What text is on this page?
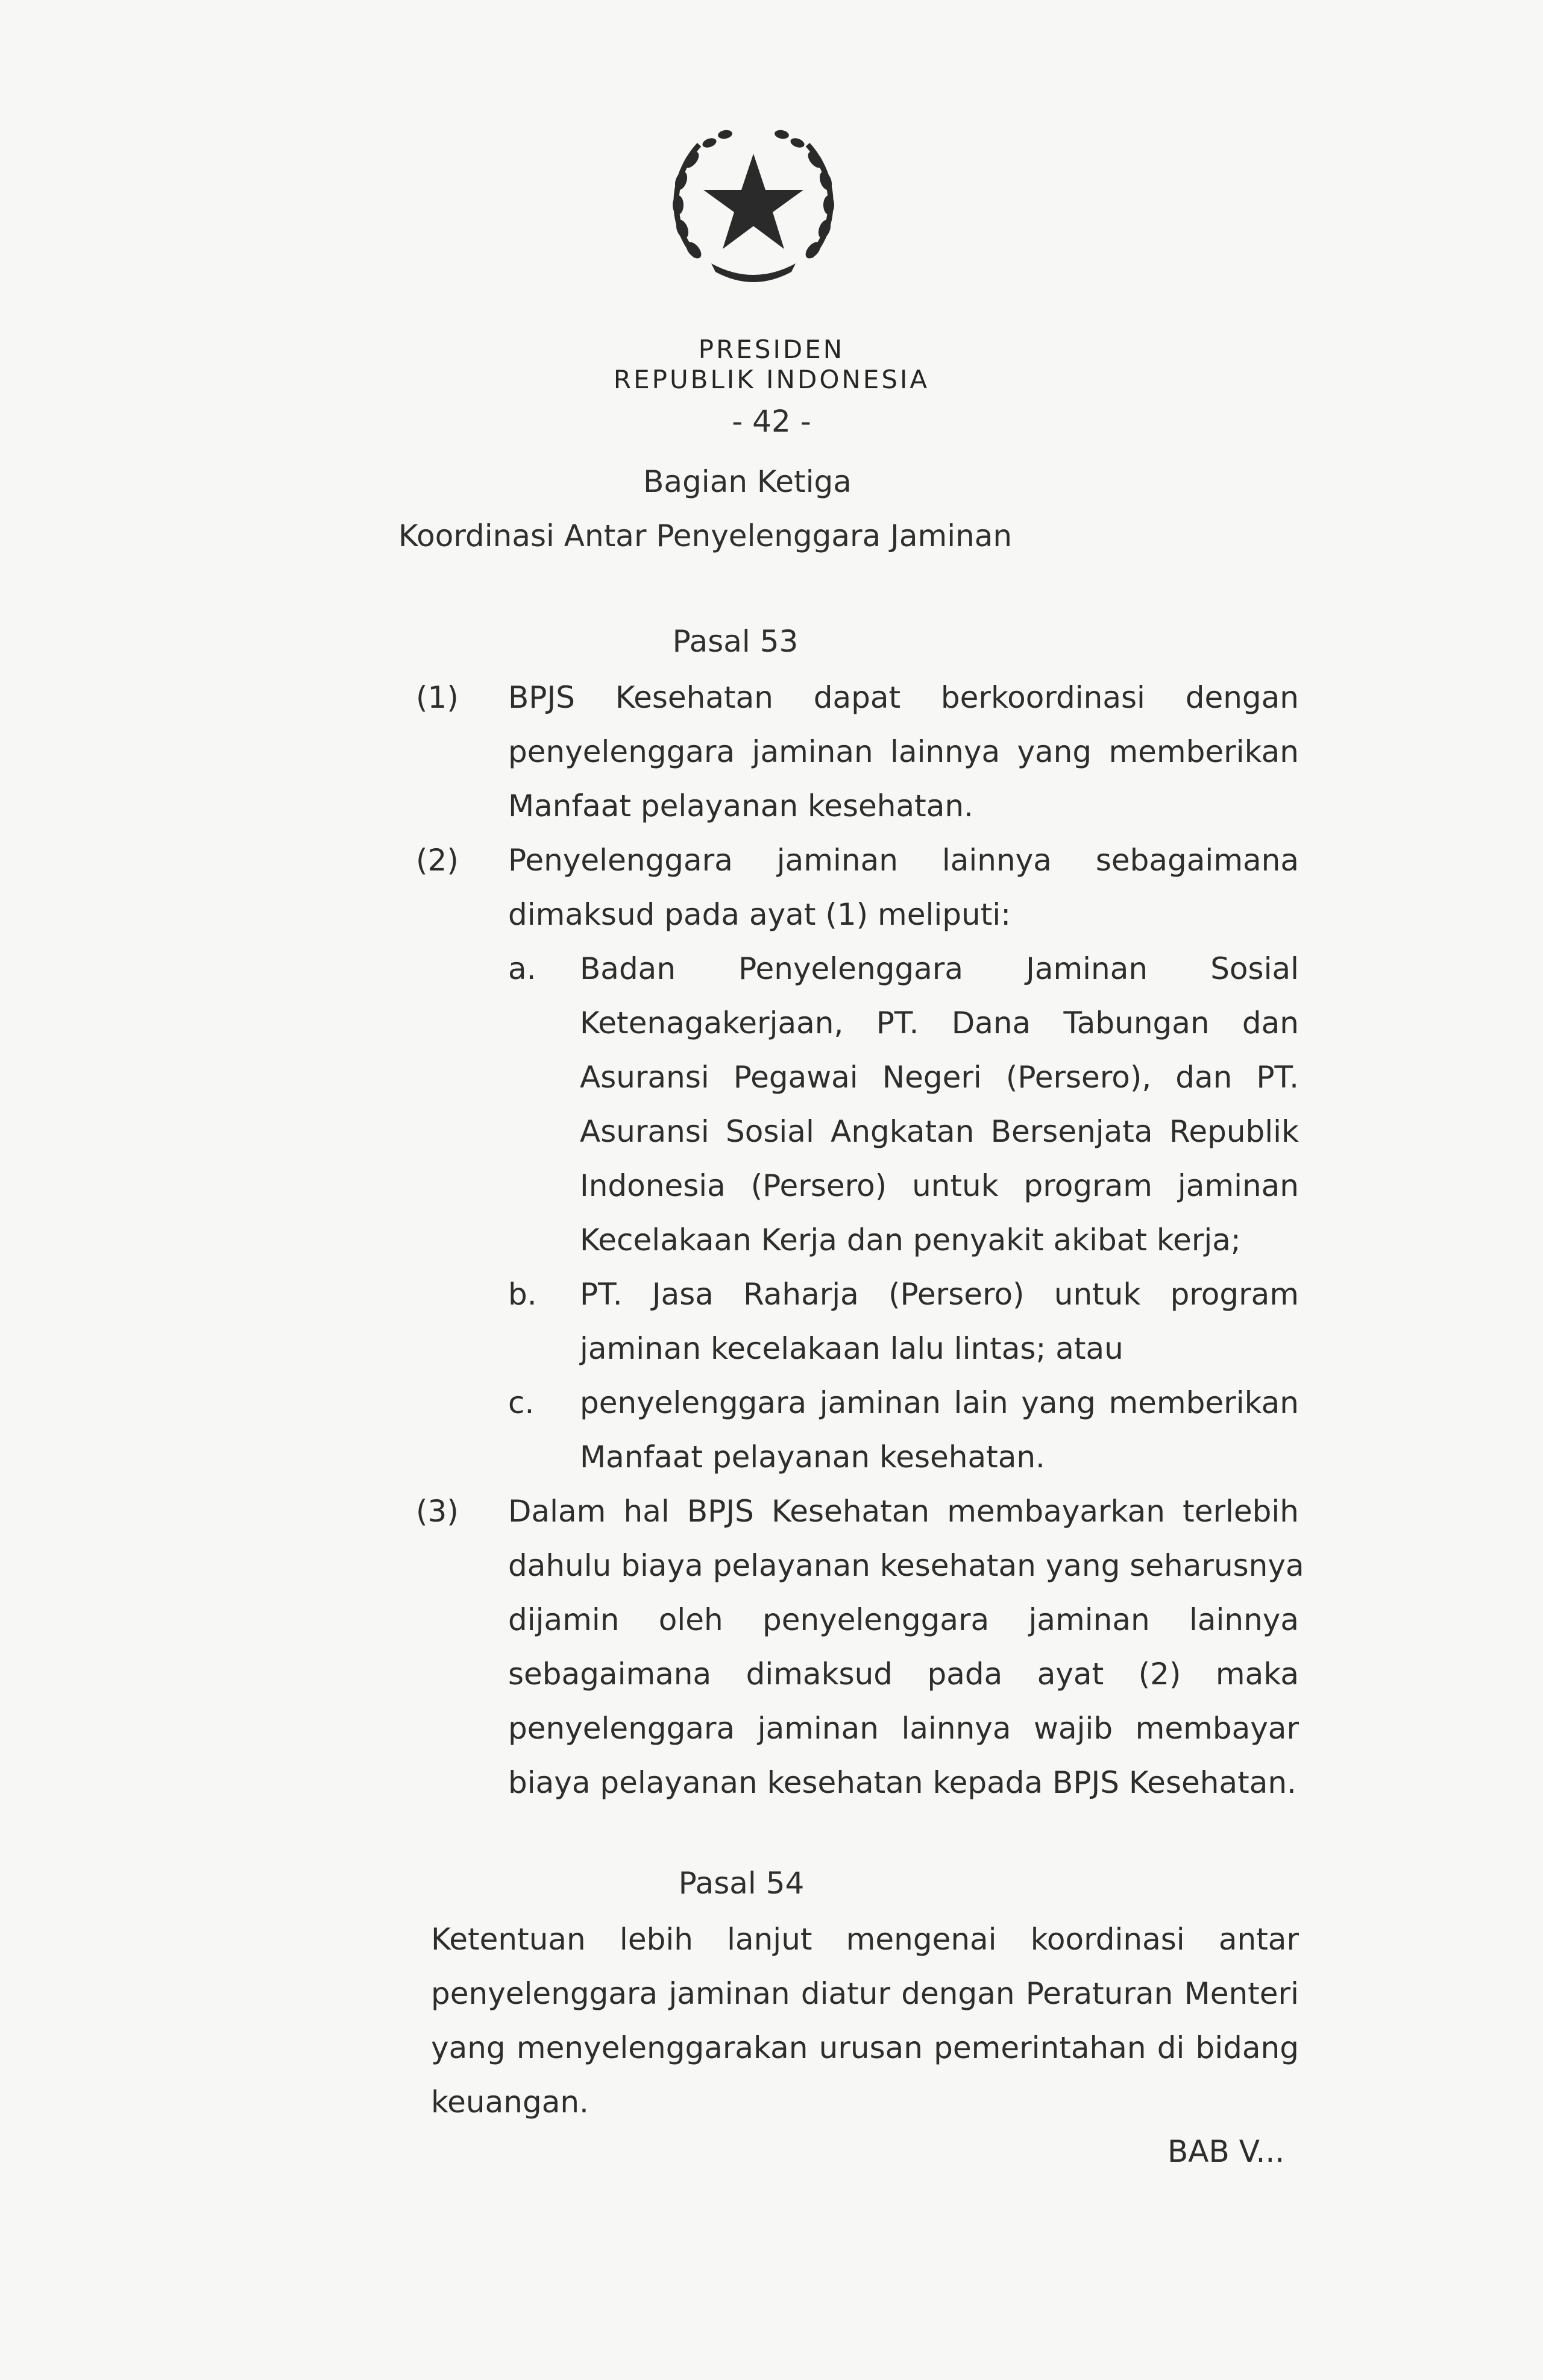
PRESIDEN
REPUBLIK INDONESIA
- 42 -
Bagian Ketiga
Koordinasi Antar Penyelenggara Jaminan
Pasal 53
(1) BPJS Kesehatan dapat berkoordinasi dengan
penyelenggara jaminan lainnya yang memberikan
Manfaat pelayanan kesehatan.
(2) Penyelenggara jaminan lainnya sebagaimana
dimaksud pada ayat (1) meliputi:
a. Badan Penyelenggara Jaminan Sosial
Ketenagakerjaan, PT. Dana Tabungan dan
Asuransi Pegawai Negeri (Persero), dan PT.
Asuransi Sosial Angkatan Bersenjata Republik
Indonesia (Persero) untuk program jaminan
Kecelakaan Kerja dan penyakit akibat kerja;
b. PT. Jasa Raharja (Persero) untuk program
jaminan kecelakaan lalu lintas; atau
c. penyelenggara jaminan lain yang memberikan
Manfaat pelayanan kesehatan.
(3) Dalam hal BPJS Kesehatan membayarkan terlebih
dahulu biaya pelayanan kesehatan yang seharusnya
dijamin oleh penyelenggara jaminan lainnya
sebagaimana dimaksud pada ayat (2) maka
penyelenggara jaminan lainnya wajib membayar
biaya pelayanan kesehatan kepada BPJS Kesehatan.
Pasal 54
Ketentuan lebih lanjut mengenai koordinasi antar
penyelenggara jaminan diatur dengan Peraturan Menteri
yang menyelenggarakan urusan pemerintahan di bidang
keuangan.
BAB V...
